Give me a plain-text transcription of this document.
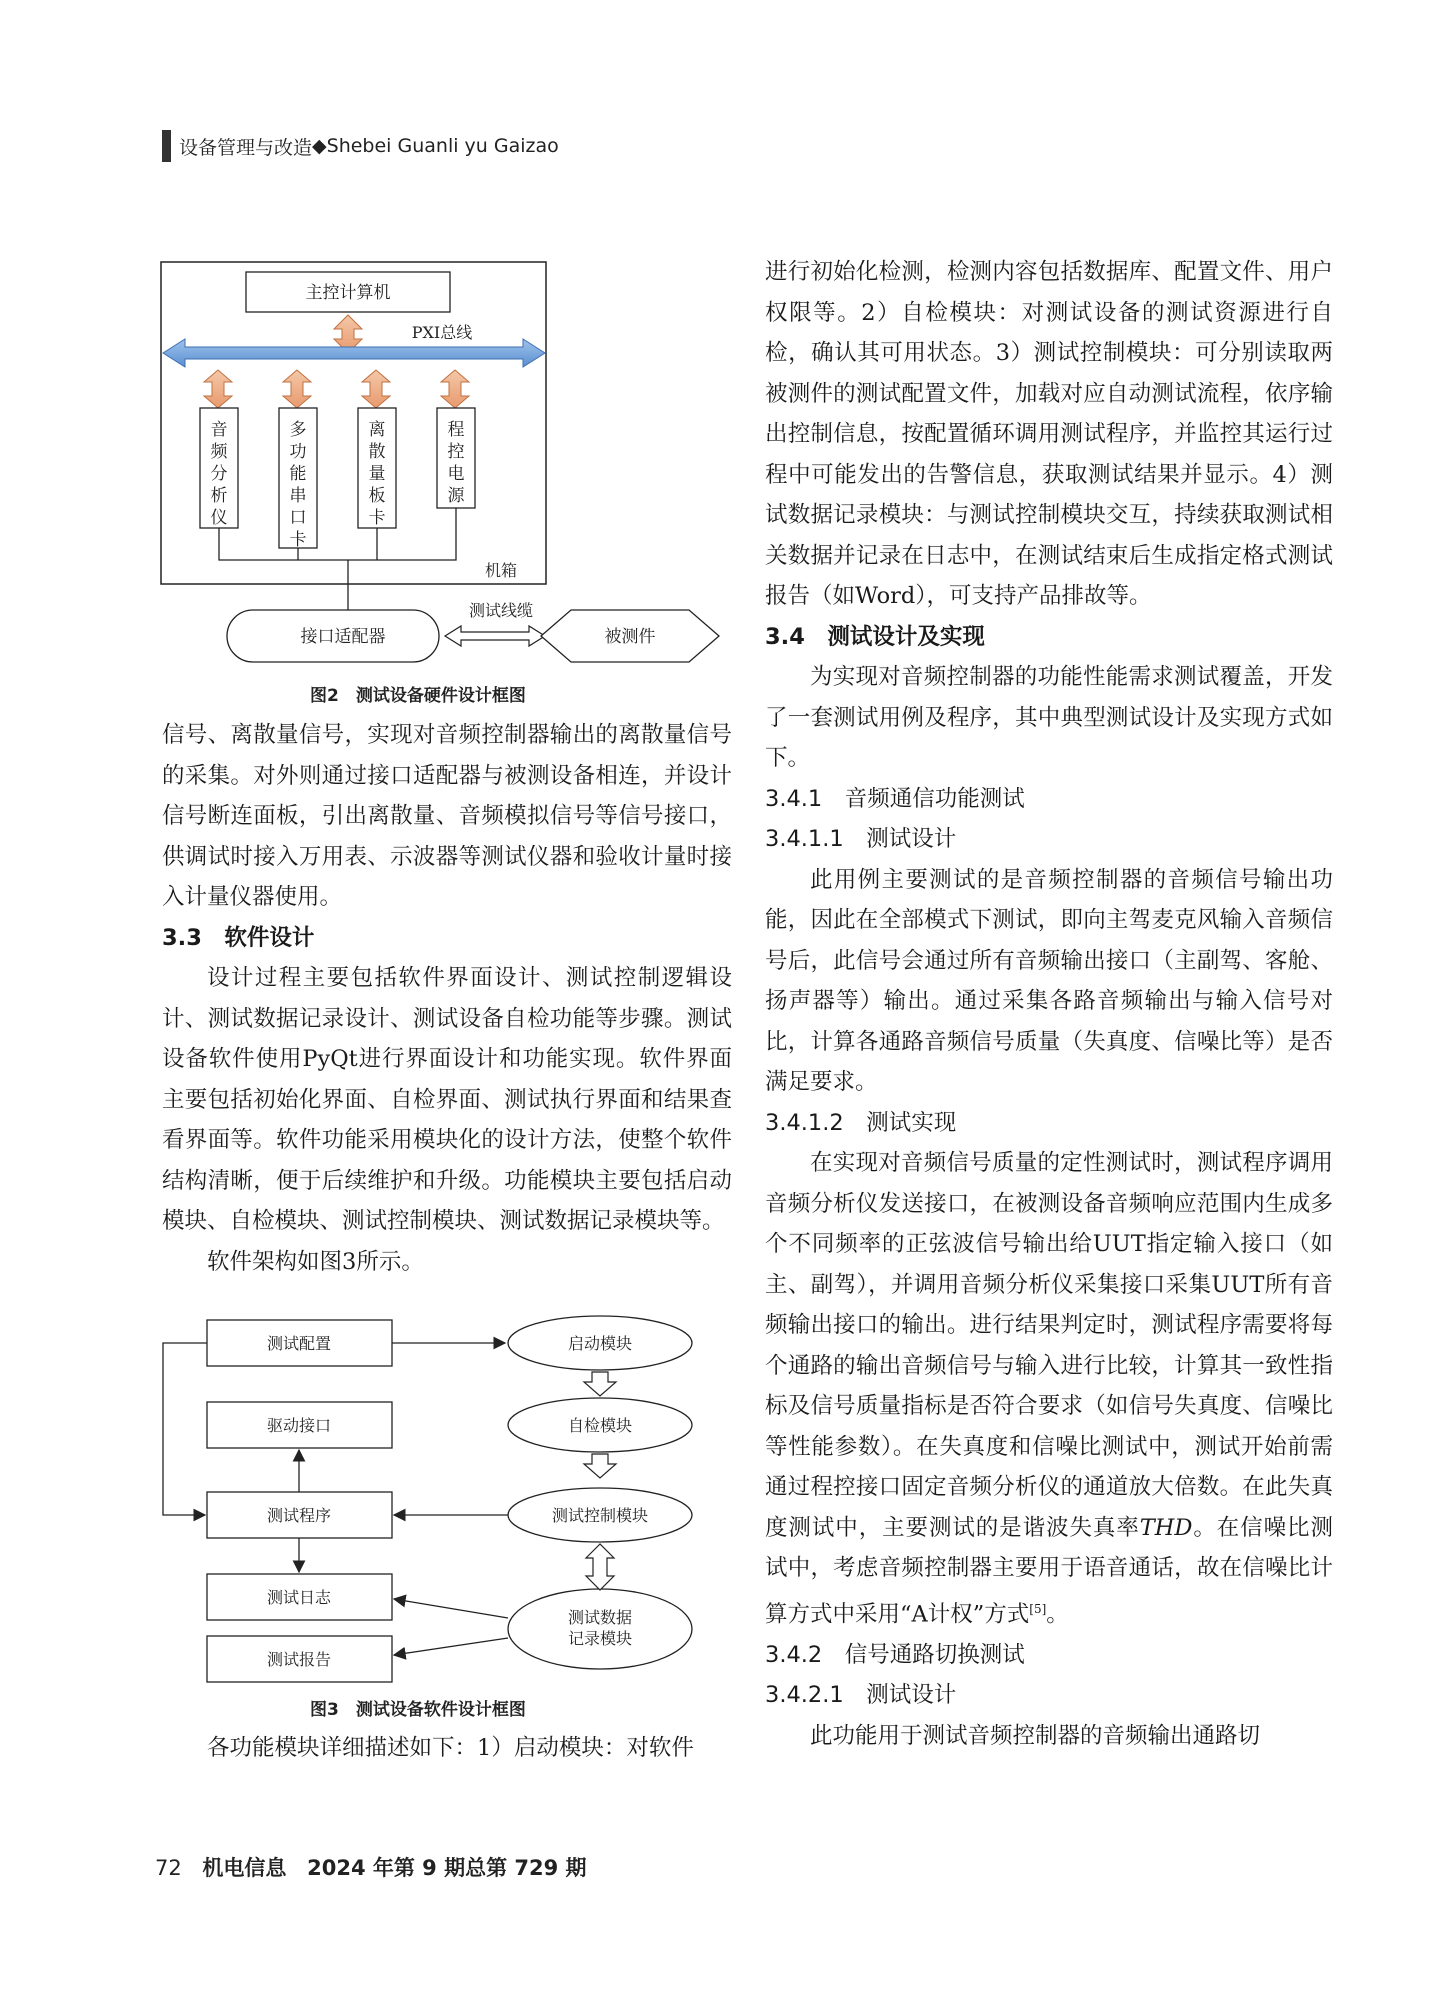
设备管理与改造 ◆ Shebei Guanli yu Gaizao
主控计算机
PXI总线
音
频
分
析
仪
多
功
能
串
口
卡
离
散
量
板
卡
程
控
电
源
机箱
接口适配器
测试线缆
被测件
图2　测试设备硬件设计框图

信号、离散量信号，实现对音频控制器输出的离散量信号的采集。对外则通过接口适配器与被测设备相连，并设计信号断连面板，引出离散量、音频模拟信号等信号接口，供调试时接入万用表、示波器等测试仪器和验收计量时接入计量仪器使用。

3.3　软件设计

设计过程主要包括软件界面设计、测试控制逻辑设计、测试数据记录设计、测试设备自检功能等步骤。测试设备软件使用PyQt进行界面设计和功能实现。软件界面主要包括初始化界面、自检界面、测试执行界面和结果查看界面等。软件功能采用模块化的设计方法，使整个软件结构清晰，便于后续维护和升级。功能模块主要包括启动模块、自检模块、测试控制模块、测试数据记录模块等。

软件架构如图3所示。

测试配置
驱动接口
测试程序
测试日志
测试报告
启动模块
自检模块
测试控制模块
测试数据记录模块
图3　测试设备软件设计框图

各功能模块详细描述如下：1）启动模块：对软件

进行初始化检测，检测内容包括数据库、配置文件、用户权限等。2）自检模块：对测试设备的测试资源进行自检，确认其可用状态。3）测试控制模块：可分别读取两被测件的测试配置文件，加载对应自动测试流程，依序输出控制信息，按配置循环调用测试程序，并监控其运行过程中可能发出的告警信息，获取测试结果并显示。4）测试数据记录模块：与测试控制模块交互，持续获取测试相关数据并记录在日志中，在测试结束后生成指定格式测试报告（如Word），可支持产品排故等。

3.4　测试设计及实现

为实现对音频控制器的功能性能需求测试覆盖，开发了一套测试用例及程序，其中典型测试设计及实现方式如下。

3.4.1　音频通信功能测试

3.4.1.1　测试设计

此用例主要测试的是音频控制器的音频信号输出功能，因此在全部模式下测试，即向主驾麦克风输入音频信号后，此信号会通过所有音频输出接口（主副驾、客舱、扬声器等）输出。通过采集各路音频输出与输入信号对比，计算各通路音频信号质量（失真度、信噪比等）是否满足要求。

3.4.1.2　测试实现

在实现对音频信号质量的定性测试时，测试程序调用音频分析仪发送接口，在被测设备音频响应范围内生成多个不同频率的正弦波信号输出给UUT指定输入接口（如主、副驾），并调用音频分析仪采集接口采集UUT所有音频输出接口的输出。进行结果判定时，测试程序需要将每个通路的输出音频信号与输入进行比较，计算其一致性指标及信号质量指标是否符合要求（如信号失真度、信噪比等性能参数）。在失真度和信噪比测试中，测试开始前需通过程控接口固定音频分析仪的通道放大倍数。在此失真度测试中，主要测试的是谐波失真率THD。在信噪比测试中，考虑音频控制器主要用于语音通话，故在信噪比计算方式中采用“A计权”方式[5]。

3.4.2　信号通路切换测试

3.4.2.1　测试设计

此功能用于测试音频控制器的音频输出通路切

72 机电信息 2024 年第 9 期总第 729 期
